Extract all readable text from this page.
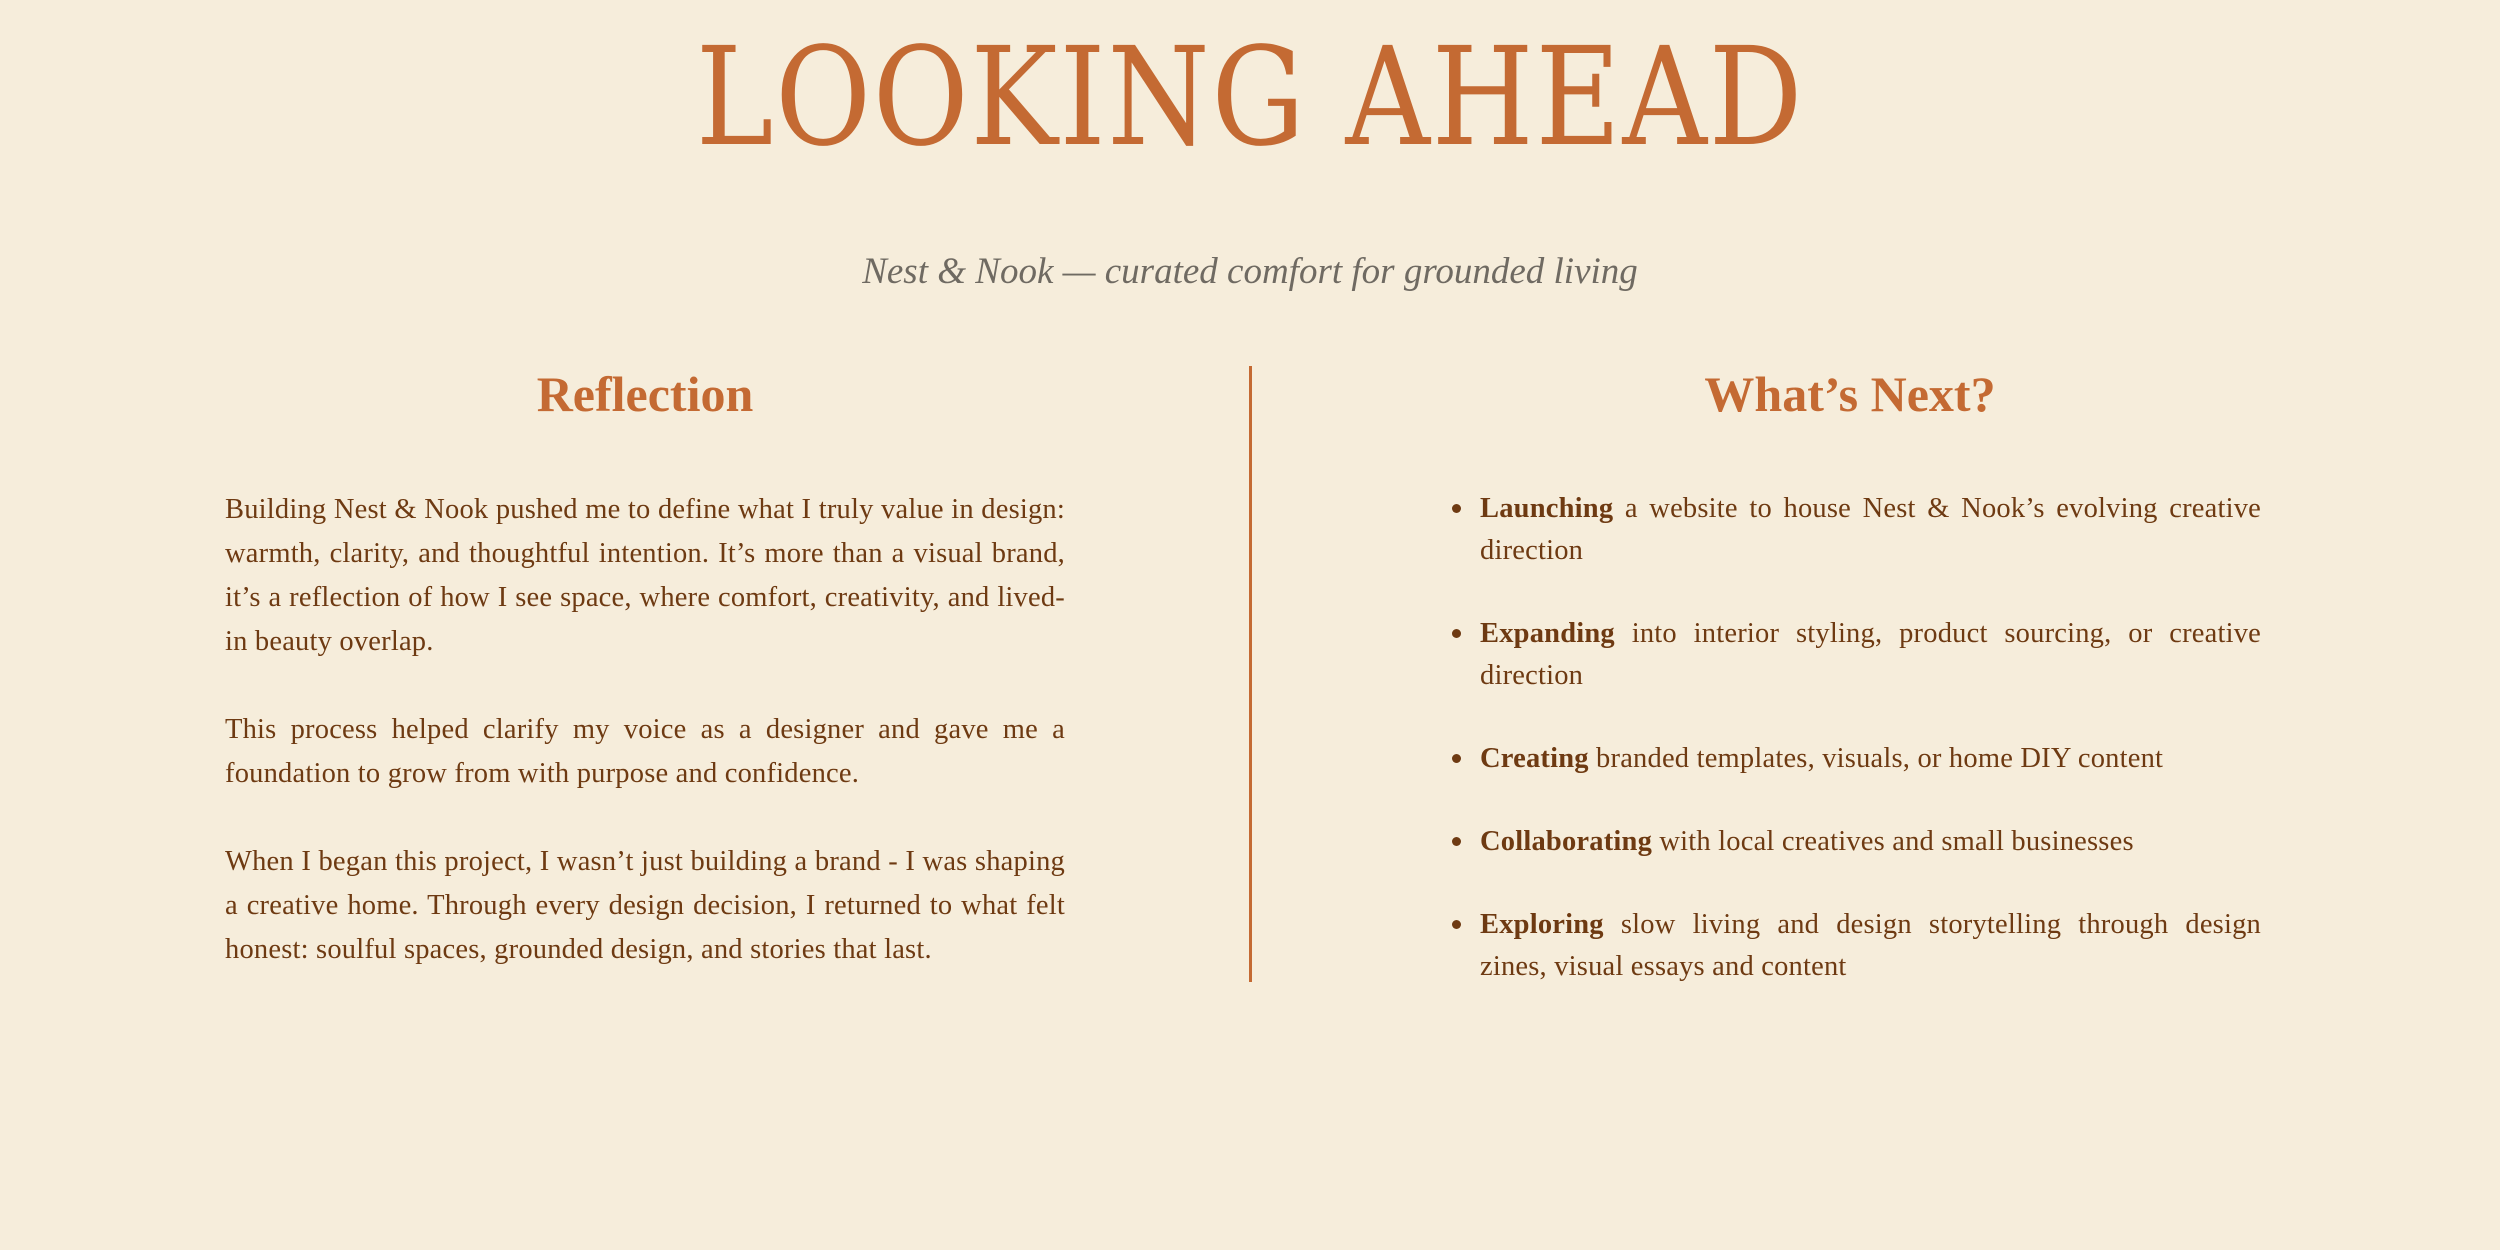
LOOKING AHEAD

Nest & Nook — curated comfort for grounded living

Reflection	What’s Next?

Building Nest & Nook pushed me to define what I truly value in design: warmth, clarity, and thoughtful intention. It’s more than a visual brand, it’s a reflection of how I see space, where comfort, creativity, and lived-in beauty overlap.

This process helped clarify my voice as a designer and gave me a foundation to grow from with purpose and confidence.

When I began this project, I wasn’t just building a brand - I was shaping a creative home. Through every design decision, I returned to what felt honest: soulful spaces, grounded design, and stories that last.

Launching a website to house Nest & Nook’s evolving creative direction
Expanding into interior styling, product sourcing, or creative direction
Creating branded templates, visuals, or home DIY content
Collaborating with local creatives and small businesses
Exploring slow living and design storytelling through design zines, visual essays and content
